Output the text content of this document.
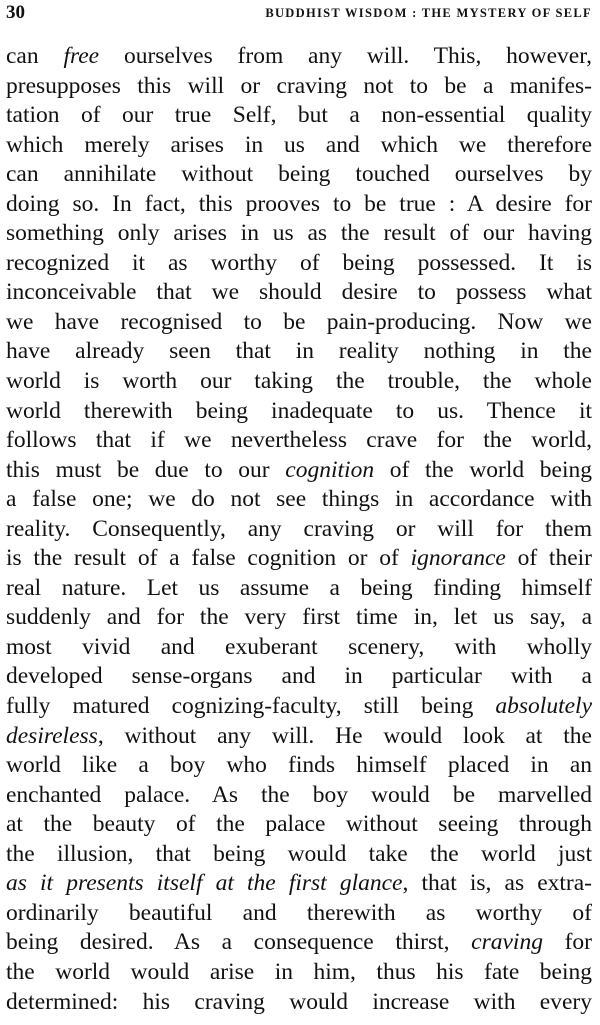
30	BUDDHIST WISDOM : THE MYSTERY OF SELF
can free ourselves from any will. This, however,
presupposes this will or craving not to be a manifes-
tation of our true Self, but a non-essential quality
which merely arises in us and which we therefore
can annihilate without being touched ourselves by
doing so. In fact, this prooves to be true : A desire for
something only arises in us as the result of our having
recognized it as worthy of being possessed. It is
inconceivable that we should desire to possess what
we have recognised to be pain-producing. Now we
have already seen that in reality nothing in the
world is worth our taking the trouble, the whole
world therewith being inadequate to us. Thence it
follows that if we nevertheless crave for the world,
this must be due to our cognition of the world being
a false one; we do not see things in accordance with
reality. Consequently, any craving or will for them
is the result of a false cognition or of ignorance of their
real nature. Let us assume a being finding himself
suddenly and for the very first time in, let us say, a
most vivid and exuberant scenery, with wholly
developed sense-organs and in particular with a
fully matured cognizing-faculty, still being absolutely
desireless, without any will. He would look at the
world like a boy who finds himself placed in an
enchanted palace. As the boy would be marvelled
at the beauty of the palace without seeing through
the illusion, that being would take the world just
as it presents itself at the first glance, that is, as extra-
ordinarily beautiful and therewith as worthy of
being desired. As a consequence thirst, craving for
the world would arise in him, thus his fate being
determined: his craving would increase with every
